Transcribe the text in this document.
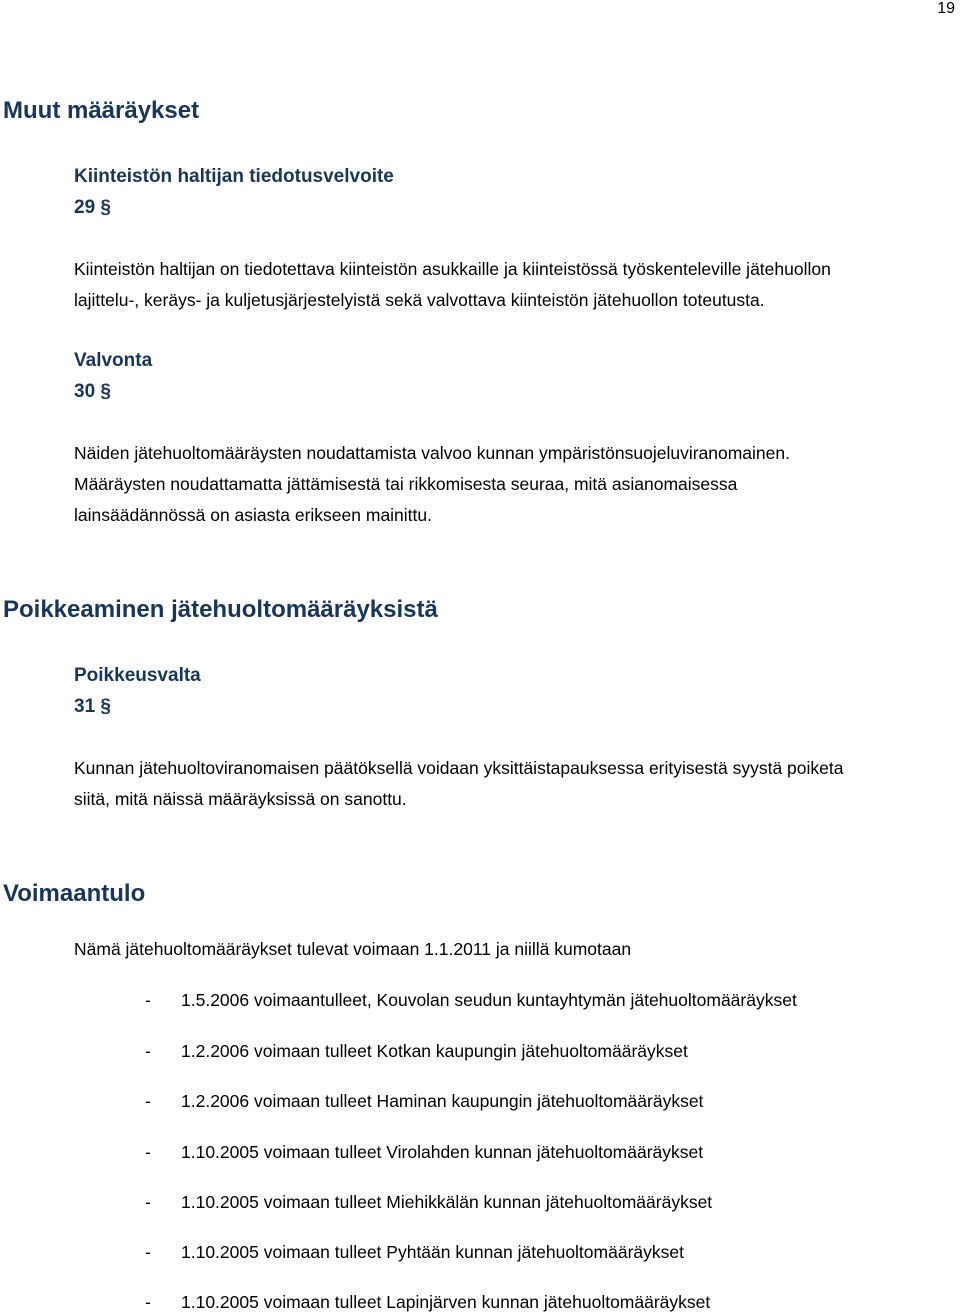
19
Muut määräykset
Kiinteistön haltijan tiedotusvelvoite
29 §
Kiinteistön haltijan on tiedotettava kiinteistön asukkaille ja kiinteistössä työskenteleville jätehuollon
lajittelu-, keräys- ja kuljetusjärjestelyistä sekä valvottava kiinteistön jätehuollon toteutusta.
Valvonta
30 §
Näiden jätehuoltomääräysten noudattamista valvoo kunnan ympäristönsuojeluviranomainen.
Määräysten noudattamatta jättämisestä tai rikkomisesta seuraa, mitä asianomaisessa
lainsäädännössä on asiasta erikseen mainittu.
Poikkeaminen jätehuoltomääräyksistä
Poikkeusvalta
31 §
Kunnan jätehuoltoviranomaisen päätöksellä voidaan yksittäistapauksessa erityisestä syystä poiketa
siitä, mitä näissä määräyksissä on sanottu.
Voimaantulo
Nämä jätehuoltomääräykset tulevat voimaan 1.1.2011 ja niillä kumotaan
- 1.5.2006 voimaantulleet, Kouvolan seudun kuntayhtymän jätehuoltomääräykset
- 1.2.2006 voimaan tulleet Kotkan kaupungin jätehuoltomääräykset
- 1.2.2006 voimaan tulleet Haminan kaupungin jätehuoltomääräykset
- 1.10.2005 voimaan tulleet Virolahden kunnan jätehuoltomääräykset
- 1.10.2005 voimaan tulleet Miehikkälän kunnan jätehuoltomääräykset
- 1.10.2005 voimaan tulleet Pyhtään kunnan jätehuoltomääräykset
- 1.10.2005 voimaan tulleet Lapinjärven kunnan jätehuoltomääräykset
